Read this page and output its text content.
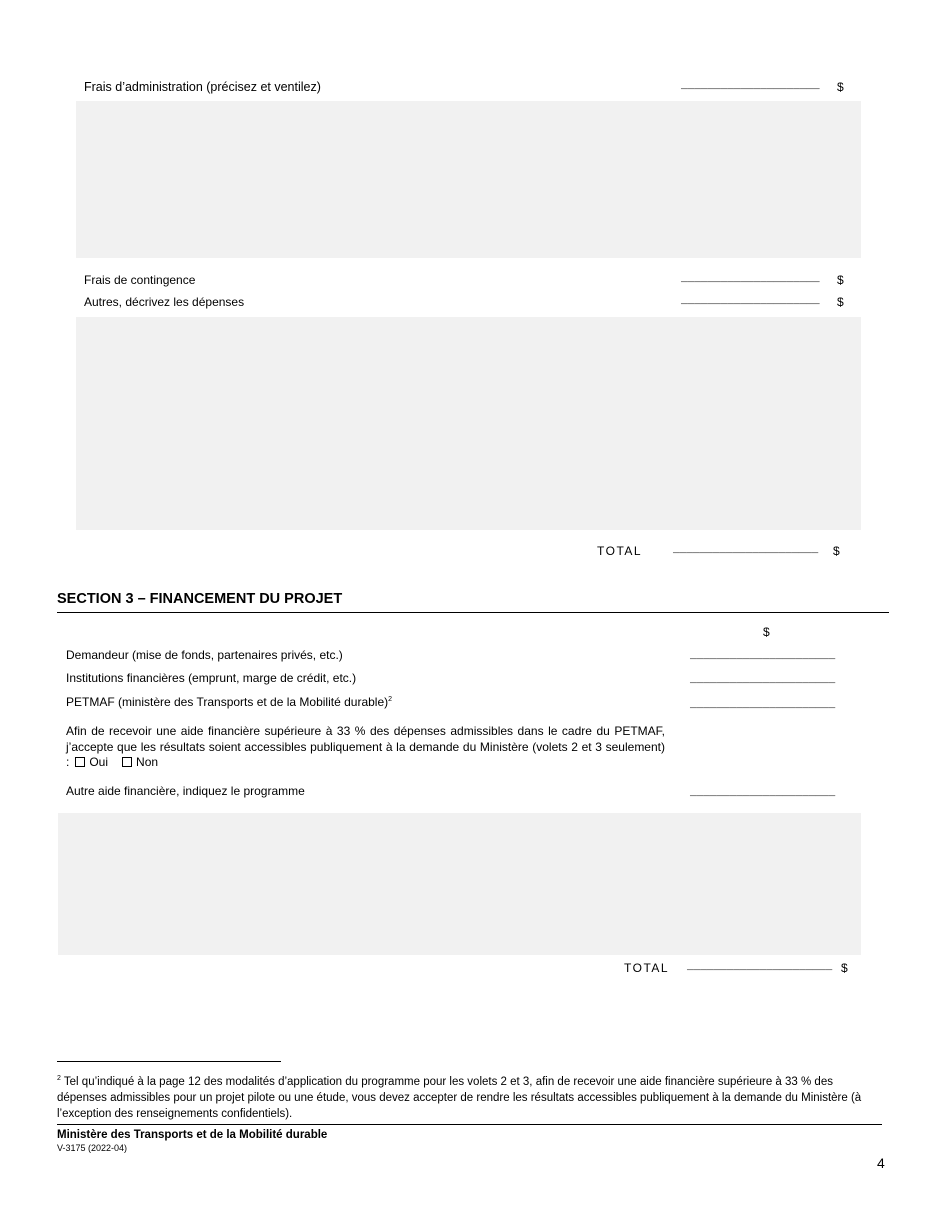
Frais d’administration (précisez et ventilez)	_____________________ $
Frais de contingence	_____________________ $
Autres, décrivez les dépenses	_____________________ $
TOTAL	______________________ $
SECTION 3 – FINANCEMENT DU PROJET
$
Demandeur (mise de fonds, partenaires privés, etc.)	______________________
Institutions financières (emprunt, marge de crédit, etc.)	______________________
PETMAF (ministère des Transports et de la Mobilité durable)$^2$	______________________
Afin de recevoir une aide financière supérieure à 33 % des dépenses admissibles dans le cadre du PETMAF, j’accepte que les résultats soient accessibles publiquement à la demande du Ministère (volets 2 et 3 seulement) : Oui Non
Autre aide financière, indiquez le programme	______________________
TOTAL ______________________ $
$^2$ Tel qu’indiqué à la page 12 des modalités d’application du programme pour les volets 2 et 3, afin de recevoir une aide financière supérieure à 33 % des dépenses admissibles pour un projet pilote ou une étude, vous devez accepter de rendre les résultats accessibles publiquement à la demande du Ministère (à l’exception des renseignements confidentiels).
Ministère des Transports et de la Mobilité durable
V-3175 (2022-04)
4
